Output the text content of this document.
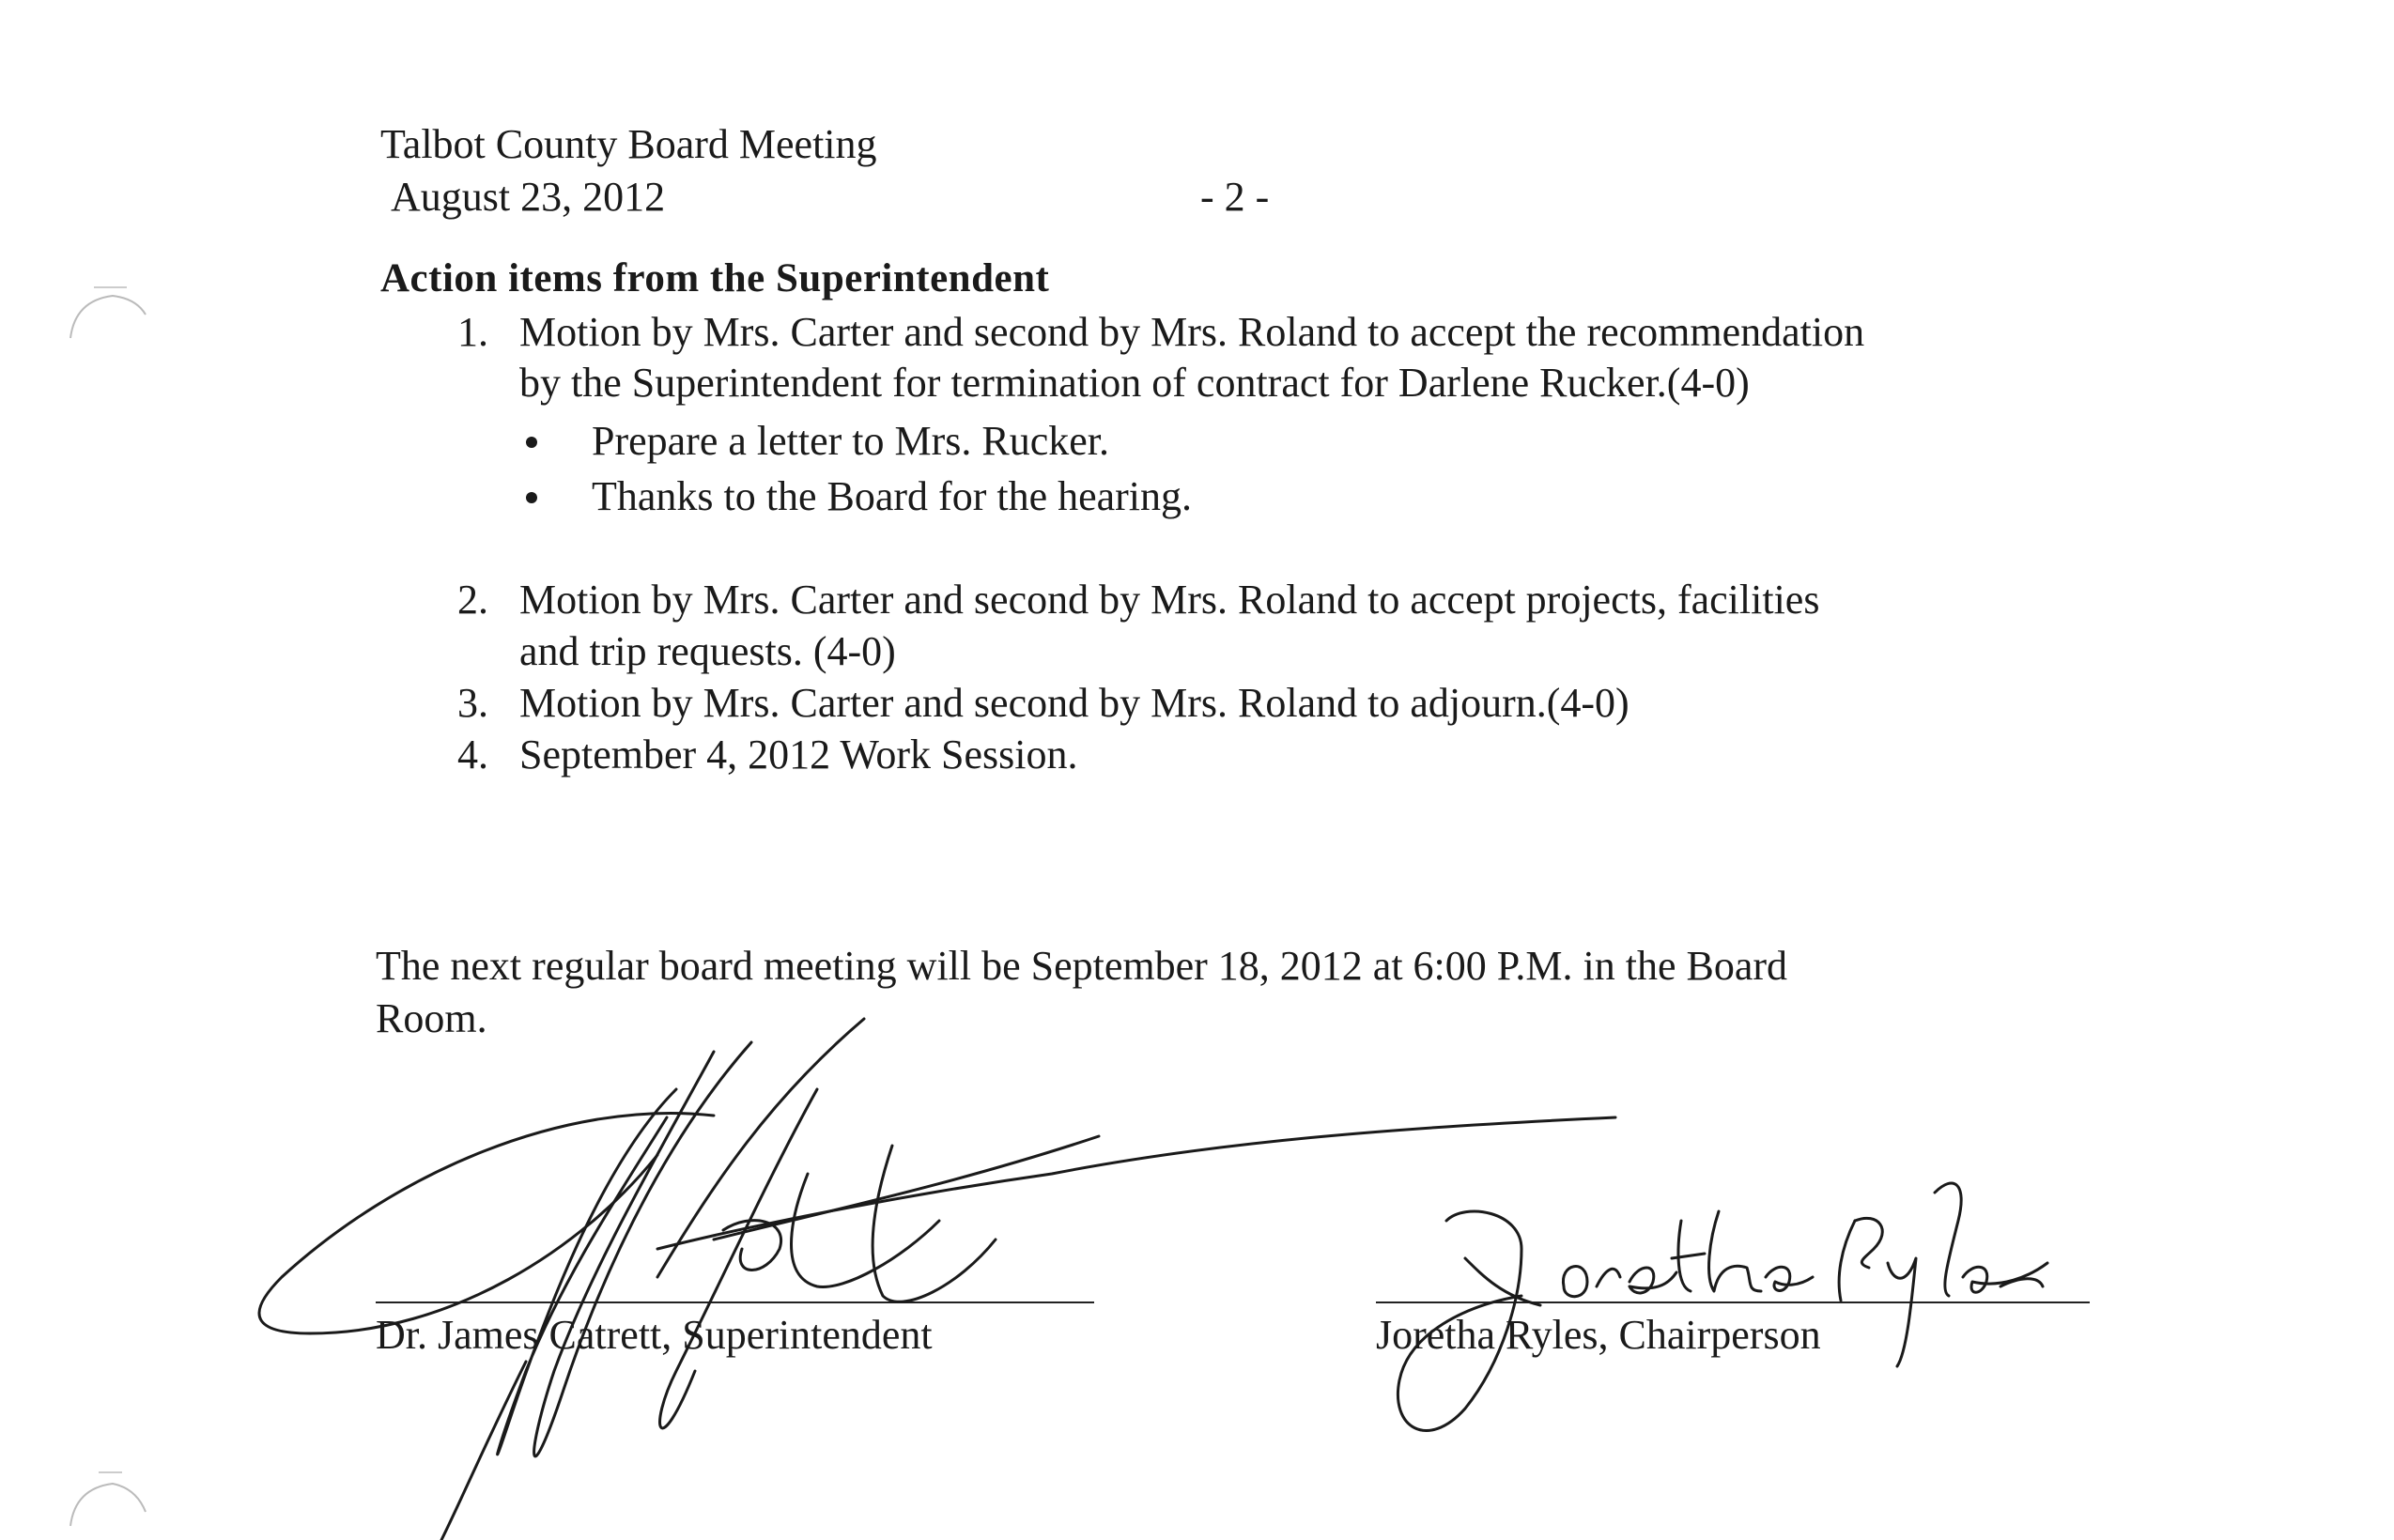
Talbot County Board Meeting
August 23, 2012	- 2 -
Action items from the Superintendent
1. Motion by Mrs. Carter and second by Mrs. Roland to accept the recommendation
by the Superintendent for termination of contract for Darlene Rucker.(4-0)
Prepare a letter to Mrs. Rucker.
Thanks to the Board for the hearing.
2. Motion by Mrs. Carter and second by Mrs. Roland to accept projects, facilities
and trip requests. (4-0)
3. Motion by Mrs. Carter and second by Mrs. Roland to adjourn.(4-0)
4. September 4, 2012 Work Session.
The next regular board meeting will be September 18, 2012 at 6:00 P.M. in the Board
Room.
Dr. James Catrett, Superintendent	Joretha Ryles, Chairperson
